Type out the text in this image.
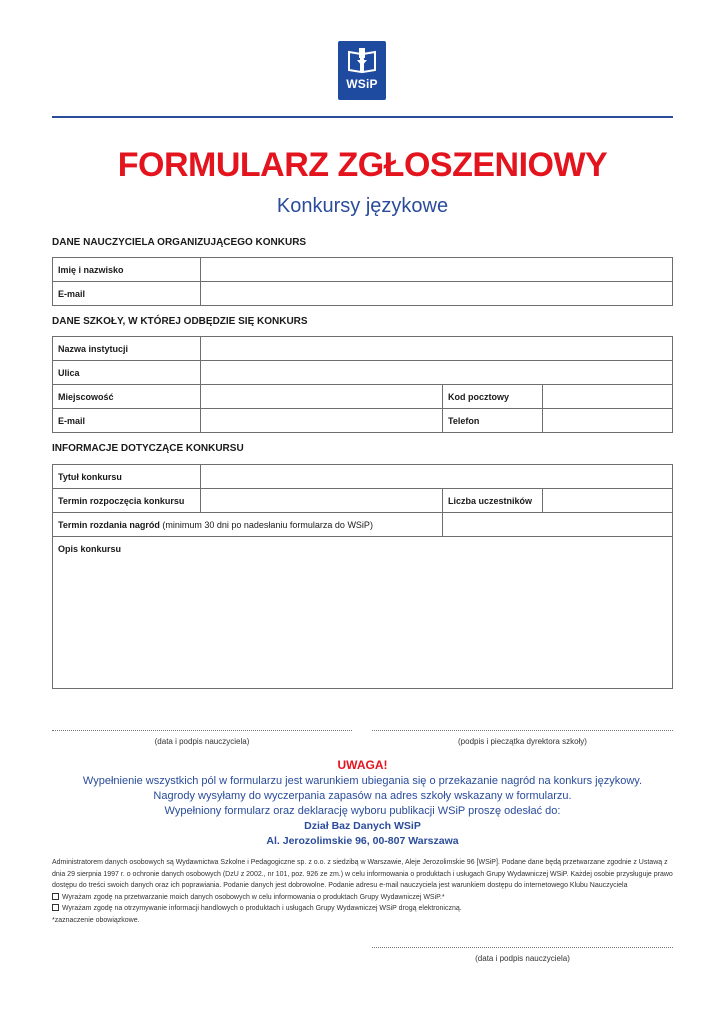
WSiP
FORMULARZ ZGŁOSZENIOWY
Konkursy językowe
DANE NAUCZYCIELA ORGANIZUJĄCEGO KONKURS
Imię i nazwisko	
E-mail	
DANE SZKOŁY, W KTÓREJ ODBĘDZIE SIĘ KONKURS
Nazwa instytucji			
Ulica			
Miejscowość		Kod pocztowy	
E-mail		Telefon	
INFORMACJE DOTYCZĄCE KONKURSU
Tytuł konkursu			
Termin rozpoczęcia konkursu		Liczba uczestników	
Termin rozdania nagród (minimum 30 dni po nadesłaniu formularza do WSiP)			
Opis konkursu			
(data i podpis nauczyciela)	(podpis i pieczątka dyrektora szkoły)
UWAGA!
Wypełnienie wszystkich pól w formularzu jest warunkiem ubiegania się o przekazanie nagród na konkurs językowy.
Nagrody wysyłamy do wyczerpania zapasów na adres szkoły wskazany w formularzu.
Wypełniony formularz oraz deklarację wyboru publikacji WSiP proszę odesłać do:
Dział Baz Danych WSiP
Al. Jerozolimskie 96, 00-807 Warszawa
Administratorem danych osobowych są Wydawnictwa Szkolne i Pedagogiczne sp. z o.o. z siedzibą w Warszawie, Aleje Jerozolimskie 96 [WSiP]. Podane dane będą przetwarzane zgodnie z Ustawą z dnia 29 sierpnia 1997 r. o ochronie danych osobowych (DzU z 2002., nr 101, poz. 926 ze zm.) w celu informowania o produktach i usługach Grupy Wydawniczej WSiP. Każdej osobie przysługuje prawo dostępu do treści swoich danych oraz ich poprawiania. Podanie danych jest dobrowolne. Podanie adresu e-mail nauczyciela jest warunkiem dostępu do internetowego Klubu Nauczyciela
Wyrażam zgodę na przetwarzanie moich danych osobowych w celu informowania o produktach Grupy Wydawniczej WSiP.*
Wyrażam zgodę na otrzymywanie informacji handlowych o produktach i usługach Grupy Wydawniczej WSiP drogą elektroniczną.
*zaznaczenie obowiązkowe.
(data i podpis nauczyciela)
